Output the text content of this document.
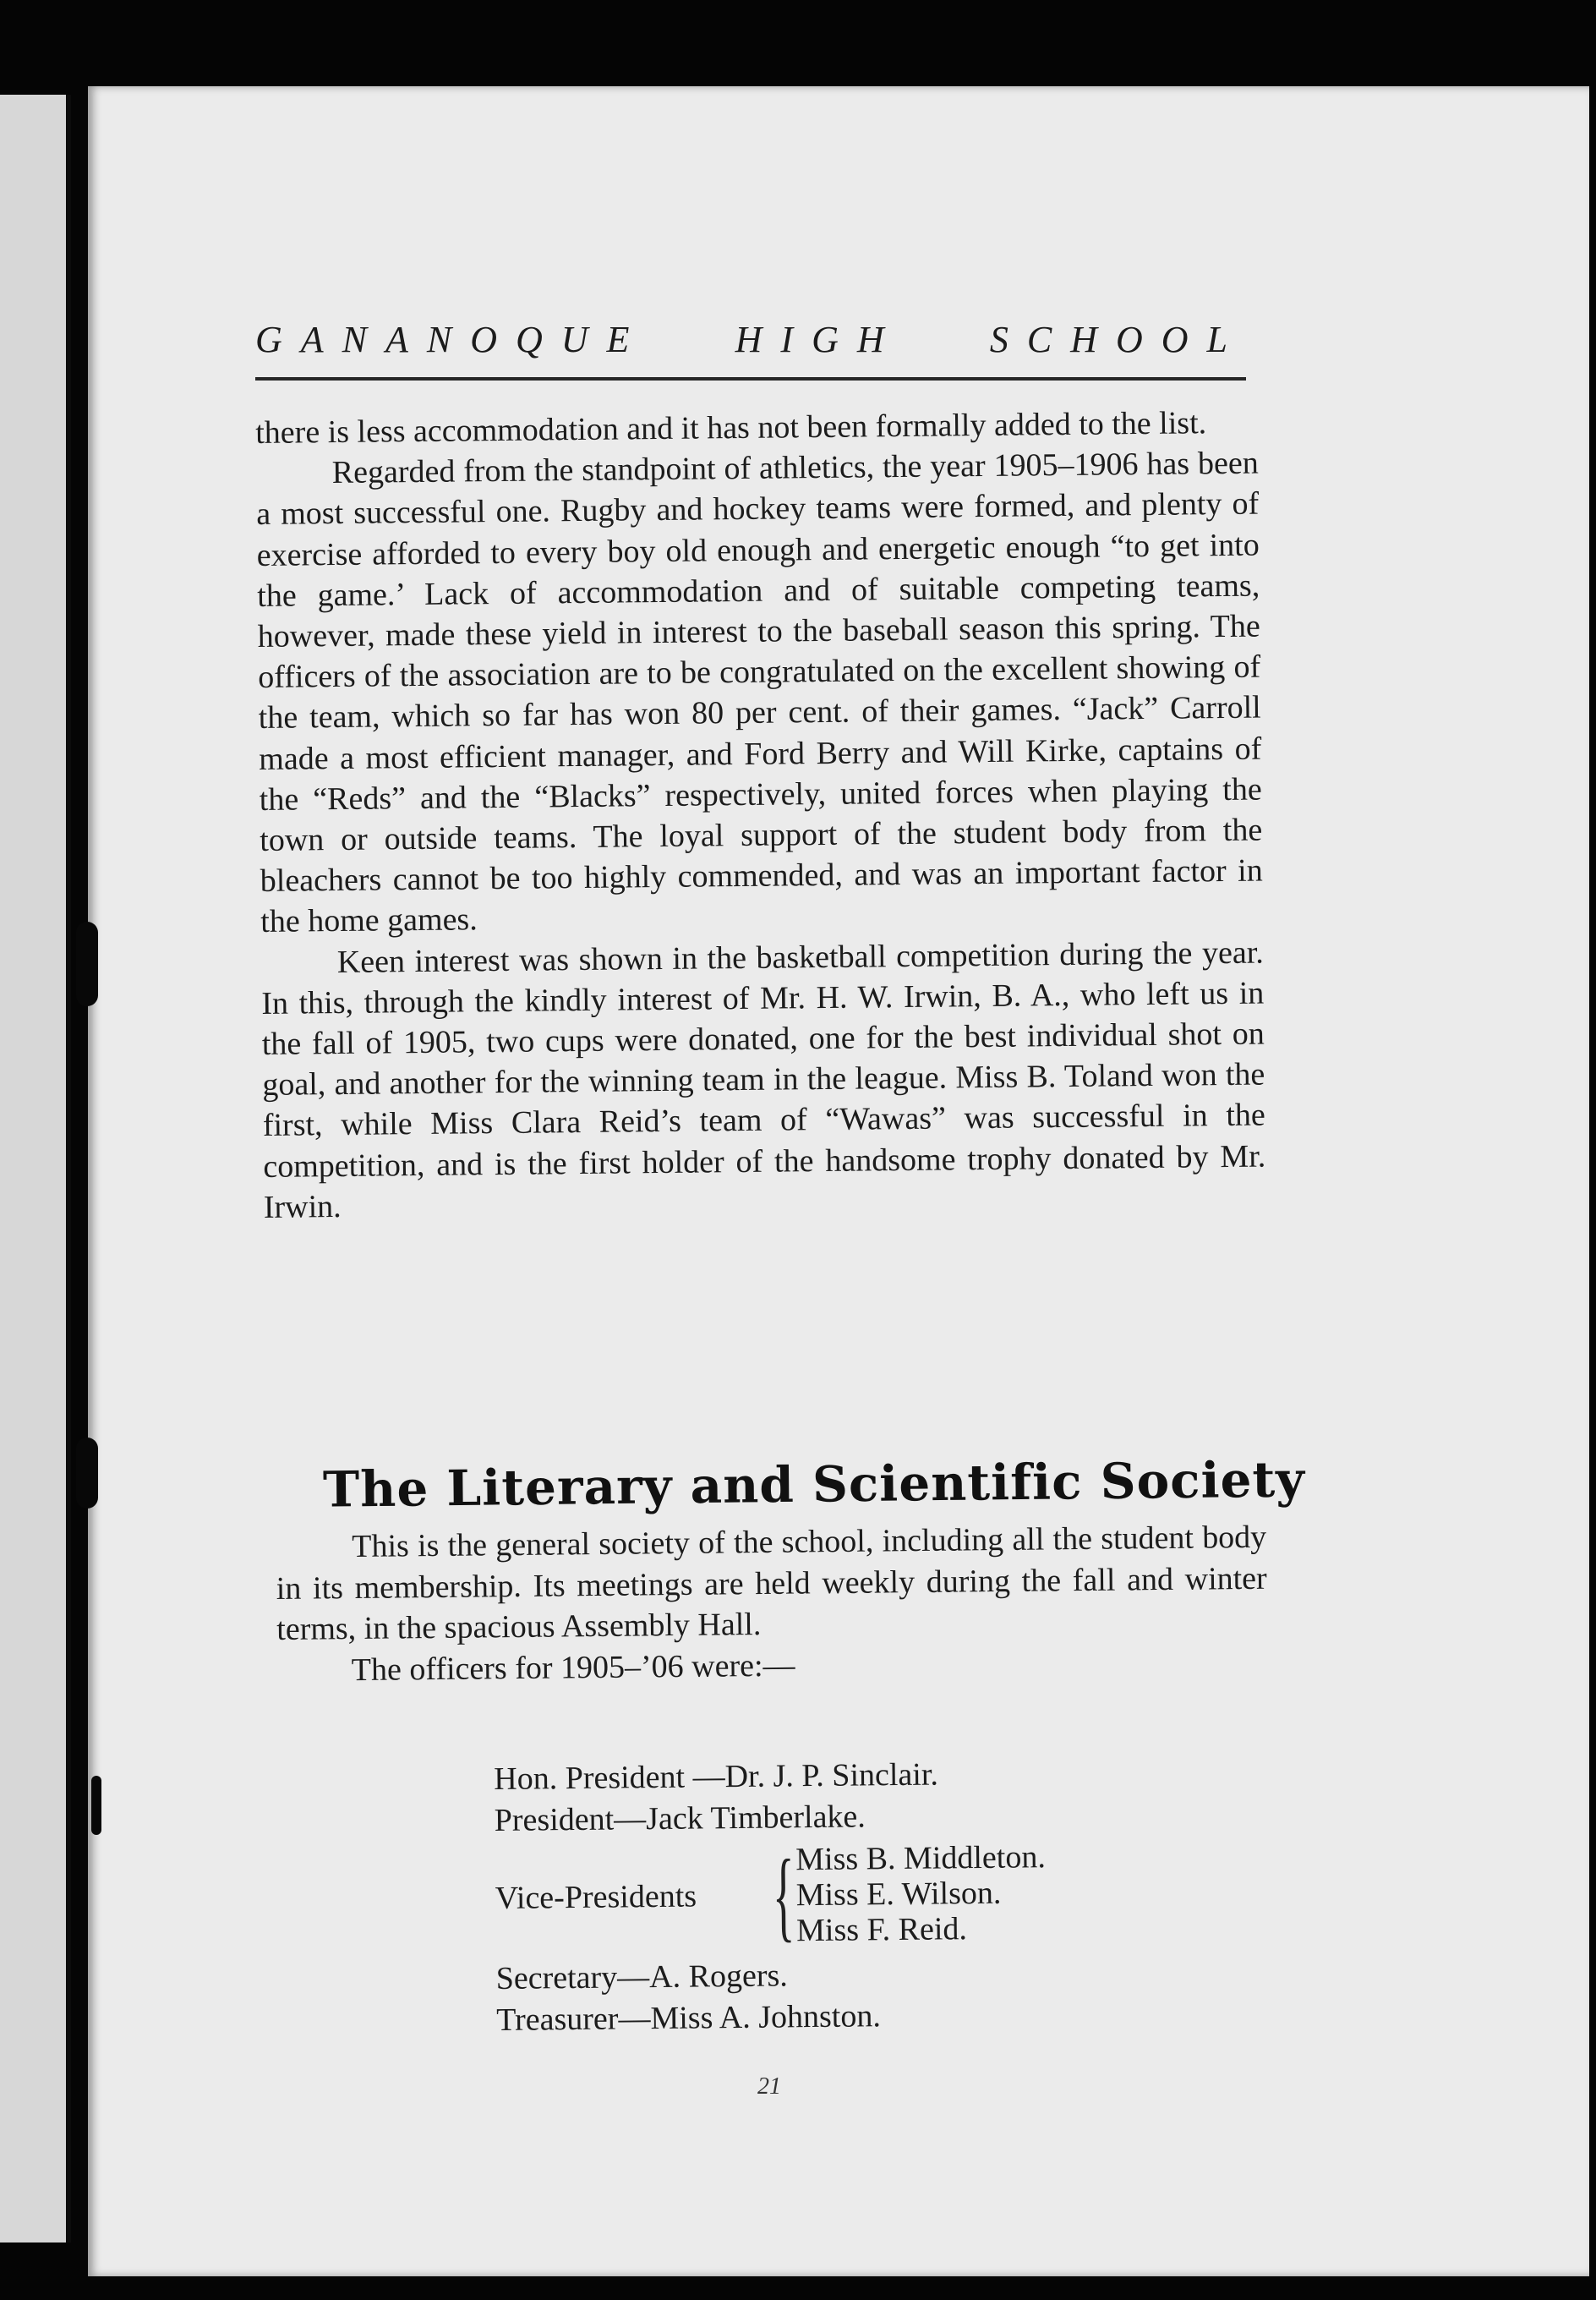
GANANOQUE HIGH SCHOOL

there is less accommodation and it has not been formally added to the list.

Regarded from the standpoint of athletics, the year 1905–1906 has been a most successful one. Rugby and hockey teams were formed, and plenty of exercise afforded to every boy old enough and energetic enough “to get into the game.’ Lack of accommodation and of suitable competing teams, however, made these yield in interest to the baseball season this spring. The officers of the association are to be congratulated on the excellent showing of the team, which so far has won 80 per cent. of their games. “Jack” Carroll made a most efficient manager, and Ford Berry and Will Kirke, captains of the “Reds” and the “Blacks” respectively, united forces when playing the town or outside teams. The loyal support of the student body from the bleachers cannot be too highly commended, and was an important factor in the home games.

Keen interest was shown in the basketball competition during the year. In this, through the kindly interest of Mr. H. W. Irwin, B. A., who left us in the fall of 1905, two cups were donated, one for the best individual shot on goal, and another for the winning team in the league. Miss B. Toland won the first, while Miss Clara Reid’s team of “Wawas” was successful in the competition, and is the first holder of the handsome trophy donated by Mr. Irwin.

The Literary and Scientific Society

This is the general society of the school, including all the student body in its membership. Its meetings are held weekly during the fall and winter terms, in the spacious Assembly Hall.

The officers for 1905–’06 were:—

Hon. President —Dr. J. P. Sinclair.
President—Jack Timberlake.
Vice-Presidents { Miss B. Middleton.
Miss E. Wilson.
Miss F. Reid.
Secretary—A. Rogers.
Treasurer—Miss A. Johnston.
21
